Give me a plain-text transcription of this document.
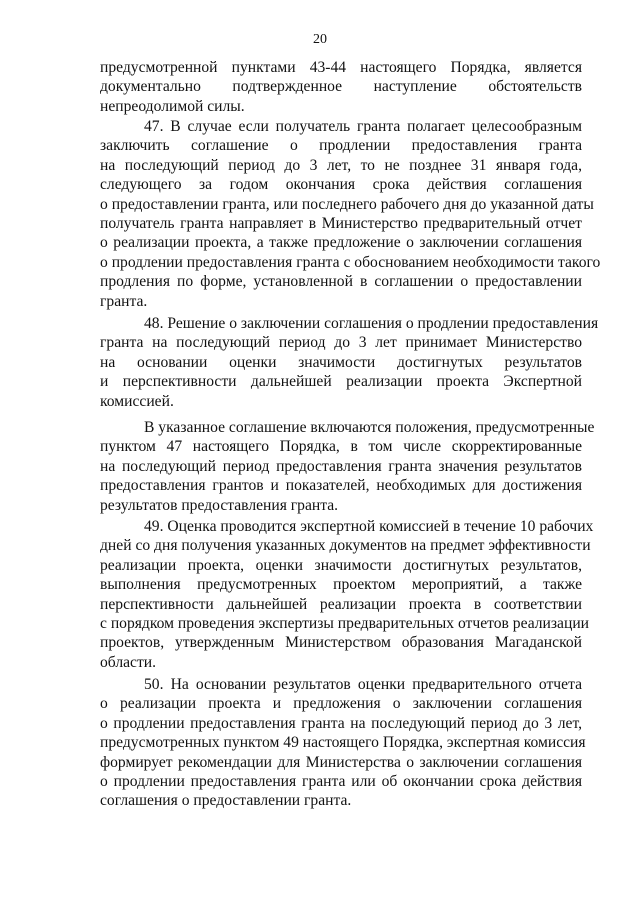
20
предусмотренной пунктами 43-44 настоящего Порядка, является
документально подтвержденное наступление обстоятельств
непреодолимой силы.
47. В случае если получатель гранта полагает целесообразным
заключить соглашение о продлении предоставления гранта
на последующий период до 3 лет, то не позднее 31 января года,
следующего за годом окончания срока действия соглашения
о предоставлении гранта, или последнего рабочего дня до указанной даты
получатель гранта направляет в Министерство предварительный отчет
о реализации проекта, а также предложение о заключении соглашения
о продлении предоставления гранта с обоснованием необходимости такого
продления по форме, установленной в соглашении о предоставлении
гранта.
48. Решение о заключении соглашения о продлении предоставления
гранта на последующий период до 3 лет принимает Министерство
на основании оценки значимости достигнутых результатов
и перспективности дальнейшей реализации проекта Экспертной
комиссией.
В указанное соглашение включаются положения, предусмотренные
пунктом 47 настоящего Порядка, в том числе скорректированные
на последующий период предоставления гранта значения результатов
предоставления грантов и показателей, необходимых для достижения
результатов предоставления гранта.
49. Оценка проводится экспертной комиссией в течение 10 рабочих
дней со дня получения указанных документов на предмет эффективности
реализации проекта, оценки значимости достигнутых результатов,
выполнения предусмотренных проектом мероприятий, а также
перспективности дальнейшей реализации проекта в соответствии
с порядком проведения экспертизы предварительных отчетов реализации
проектов, утвержденным Министерством образования Магаданской
области.
50. На основании результатов оценки предварительного отчета
о реализации проекта и предложения о заключении соглашения
о продлении предоставления гранта на последующий период до 3 лет,
предусмотренных пунктом 49 настоящего Порядка, экспертная комиссия
формирует рекомендации для Министерства о заключении соглашения
о продлении предоставления гранта или об окончании срока действия
соглашения о предоставлении гранта.
